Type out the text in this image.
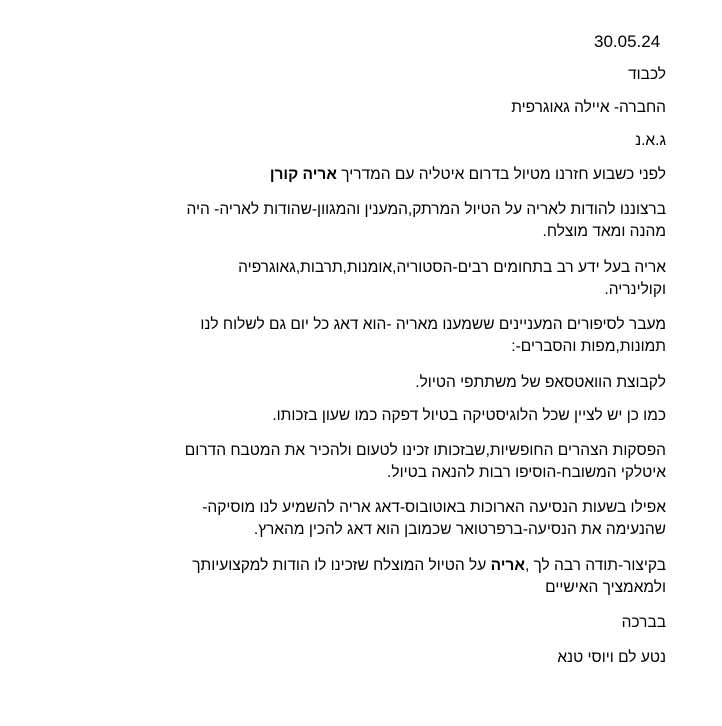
30.05.24
לכבוד
החברה- איילה גאוגרפית
ג.א.נ
לפני כשבוע חזרנו מטיול בדרום איטליה עם המדריך אריה קורן
ברצוננו להודות לאריה על הטיול המרתק,המענין והמגוון-שהודות לאריה- היה
מהנה ומאד מוצלח.
אריה בעל ידע רב בתחומים רבים-הסטוריה,אומנות,תרבות,גאוגרפיה
וקולינריה.
מעבר לסיפורים המעניינים ששמענו מאריה -הוא דאג כל יום גם לשלוח לנו
תמונות,מפות והסברים-:
לקבוצת הוואטסאפ של משתתפי הטיול.
כמו כן יש לציין שכל הלוגיסטיקה בטיול דפקה כמו שעון בזכותו.
הפסקות הצהרים החופשיות,שבזכותו זכינו לטעום ולהכיר את המטבח הדרום
איטלקי המשובח-הוסיפו רבות להנאה בטיול.
אפילו בשעות הנסיעה הארוכות באוטובוס-דאג אריה להשמיע לנו מוסיקה-
שהנעימה את הנסיעה-ברפרטואר שכמובן הוא דאג להכין מהארץ.
בקיצור-תודה רבה לך ,אריה על הטיול המוצלח שזכינו לו הודות למקצועיותך
ולמאמציך האישיים
בברכה
נטע לם ויוסי טנא
